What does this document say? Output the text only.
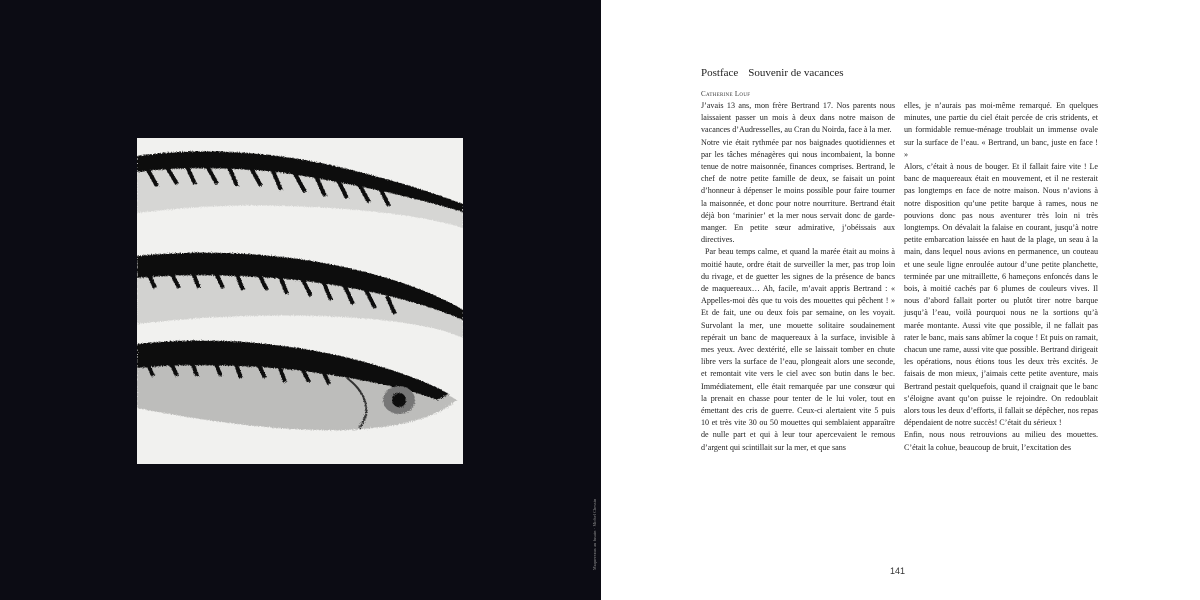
Maquereaux au fusain · Michel Chessin
Postface Souvenir de vacances
Catherine Louf

J’avais 13 ans, mon frère Bertrand 17. Nos parents nous laissaient passer un mois à deux dans notre maison de vacances d’Audresselles, au Cran du Noirda, face à la mer.

Notre vie était rythmée par nos baignades quotidiennes et par les tâches ménagères qui nous incombaient, la bonne tenue de notre maisonnée, finances comprises. Bertrand, le chef de notre petite famille de deux, se faisait un point d’honneur à dépenser le moins possible pour faire tourner la maisonnée, et donc pour notre nourriture. Bertrand était déjà bon ‘marinier’ et la mer nous servait donc de garde-manger. En petite sœur admirative, j’obéissais aux directives.

Par beau temps calme, et quand la marée était au moins à moitié haute, ordre était de surveiller la mer, pas trop loin du rivage, et de guetter les signes de la présence de bancs de maquereaux… Ah, facile, m’avait appris Bertrand : « Appelles-moi dès que tu vois des mouettes qui pêchent ! » Et de fait, une ou deux fois par semaine, on les voyait. Survolant la mer, une mouette solitaire soudainement repérait un banc de maquereaux à la surface, invisible à mes yeux. Avec dextérité, elle se laissait tomber en chute libre vers la surface de l’eau, plongeait alors une seconde, et remontait vite vers le ciel avec son butin dans le bec. Immédiatement, elle était remarquée par une consœur qui la prenait en chasse pour tenter de le lui voler, tout en émettant des cris de guerre. Ceux-ci alertaient vite 5 puis 10 et très vite 30 ou 50 mouettes qui semblaient apparaître de nulle part et qui à leur tour apercevaient le remous d’argent qui scintillait sur la mer, et que sans

elles, je n’aurais pas moi-même remarqué. En quelques minutes, une partie du ciel était percée de cris stridents, et un formidable remue-ménage troublait un immense ovale sur la surface de l’eau. « Bertrand, un banc, juste en face ! »

Alors, c’était à nous de bouger. Et il fallait faire vite ! Le banc de maquereaux était en mouvement, et il ne resterait pas longtemps en face de notre maison. Nous n’avions à notre disposition qu’une petite barque à rames, nous ne pouvions donc pas nous aventurer très loin ni très longtemps. On dévalait la falaise en courant, jusqu’à notre petite embarcation laissée en haut de la plage, un seau à la main, dans lequel nous avions en permanence, un couteau et une seule ligne enroulée autour d’une petite planchette, terminée par une mitraillette, 6 hameçons enfoncés dans le bois, à moitié cachés par 6 plumes de couleurs vives. Il nous d’abord fallait porter ou plutôt tirer notre barque jusqu’à l’eau, voilà pourquoi nous ne la sortions qu’à marée montante. Aussi vite que possible, il ne fallait pas rater le banc, mais sans abîmer la coque ! Et puis on ramait, chacun une rame, aussi vite que possible. Bertrand dirigeait les opérations, nous étions tous les deux très excités. Je faisais de mon mieux, j’aimais cette petite aventure, mais Bertrand pestait quelquefois, quand il craignait que le banc s’éloigne avant qu’on puisse le rejoindre. On redoublait alors tous les deux d’efforts, il fallait se dépêcher, nos repas dépendaient de notre succès! C’était du sérieux !

Enfin, nous nous retrouvions au milieu des mouettes. C’était la cohue, beaucoup de bruit, l’excitation des

141
